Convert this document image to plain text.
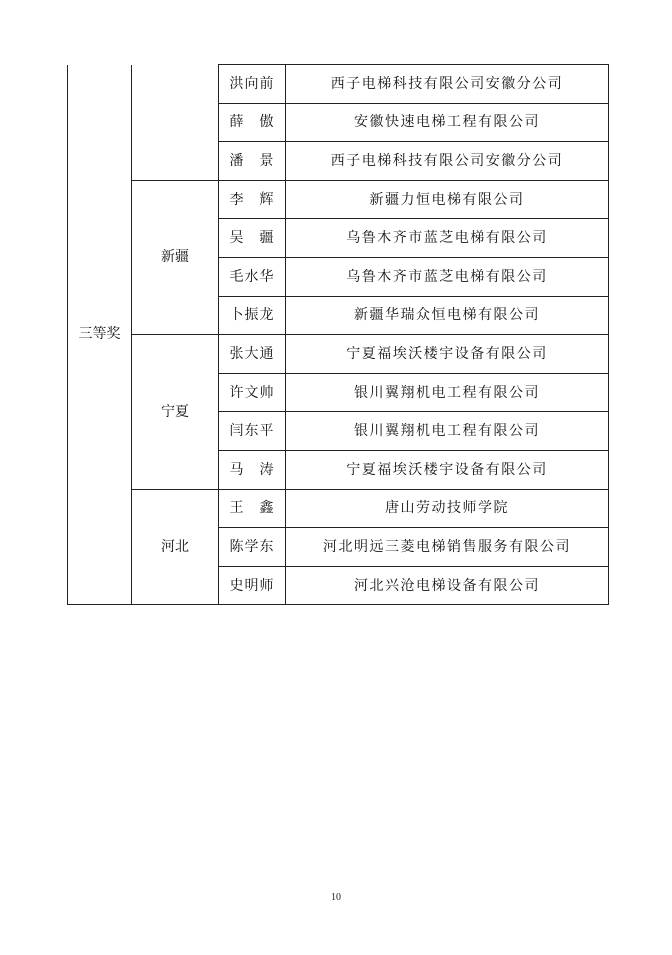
三等奖		洪向前	西子电梯科技有限公司安徽分公司
		薛　傲	安徽快速电梯工程有限公司
		潘　景	西子电梯科技有限公司安徽分公司
	新疆	李　辉	新疆力恒电梯有限公司
		吴　疆	乌鲁木齐市蓝芝电梯有限公司
		毛水华	乌鲁木齐市蓝芝电梯有限公司
		卜振龙	新疆华瑞众恒电梯有限公司
	宁夏	张大通	宁夏福埃沃楼宇设备有限公司
		许文帅	银川翼翔机电工程有限公司
		闫东平	银川翼翔机电工程有限公司
		马　涛	宁夏福埃沃楼宇设备有限公司
	河北	王　鑫	唐山劳动技师学院
		陈学东	河北明远三菱电梯销售服务有限公司
		史明师	河北兴沧电梯设备有限公司
10
